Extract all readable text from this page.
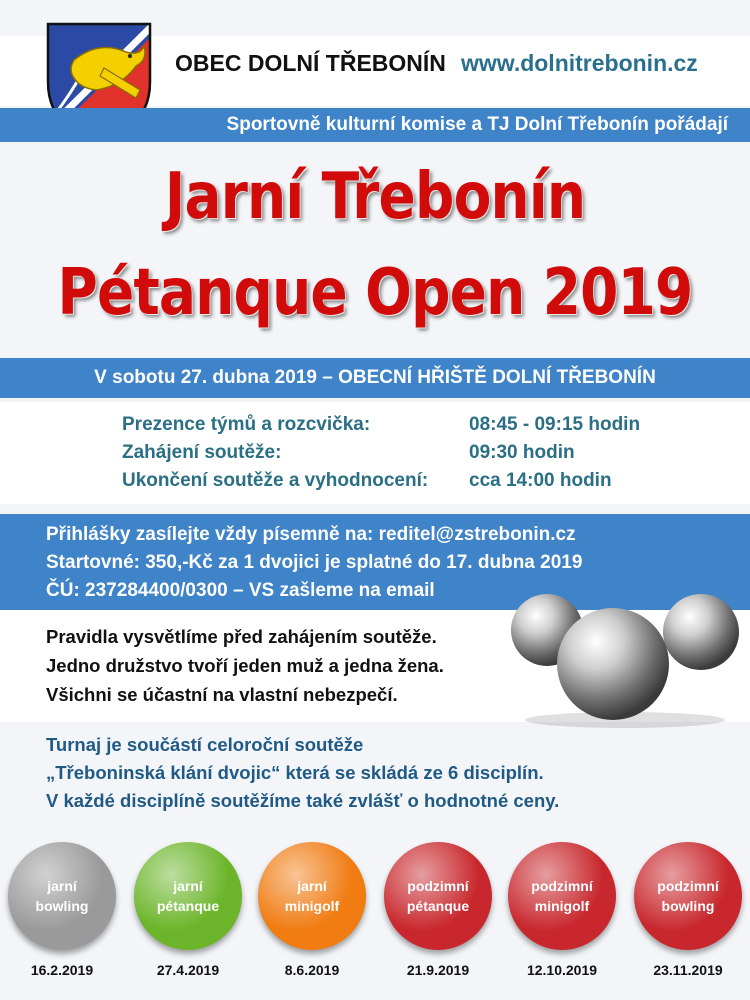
OBEC DOLNÍ TŘEBONÍN www.dolnitrebonin.cz
Sportovně kulturní komise a TJ Dolní Třebonín pořádají
Jarní Třebonín
Pétanque Open 2019
V sobotu 27. dubna 2019 – OBECNÍ HŘIŠTĚ DOLNÍ TŘEBONÍN
Prezence týmů a rozcvička:	08:45 - 09:15 hodin
Zahájení soutěže:	09:30 hodin
Ukončení soutěže a vyhodnocení: cca 14:00 hodin
Přihlášky zasílejte vždy písemně na: reditel@zstrebonin.cz
Startovné: 350,-Kč za 1 dvojici je splatné do 17. dubna 2019
ČÚ: 237284400/0300 – VS zašleme na email
Pravidla vysvětlíme před zahájením soutěže.
Jedno družstvo tvoří jeden muž a jedna žena.
Všichni se účastní na vlastní nebezpečí.
Turnaj je součástí celoroční soutěže
„Třeboninská klání dvojic“ která se skládá ze 6 disciplín.
V každé disciplíně soutěžíme také zvlášť o hodnotné ceny.
jarní
bowling
jarní
pétanque
jarní
minigolf
podzimní
pétanque
podzimní
minigolf
podzimní
bowling
16.2.2019	27.4.2019	8.6.2019	21.9.2019	12.10.2019	23.11.2019
